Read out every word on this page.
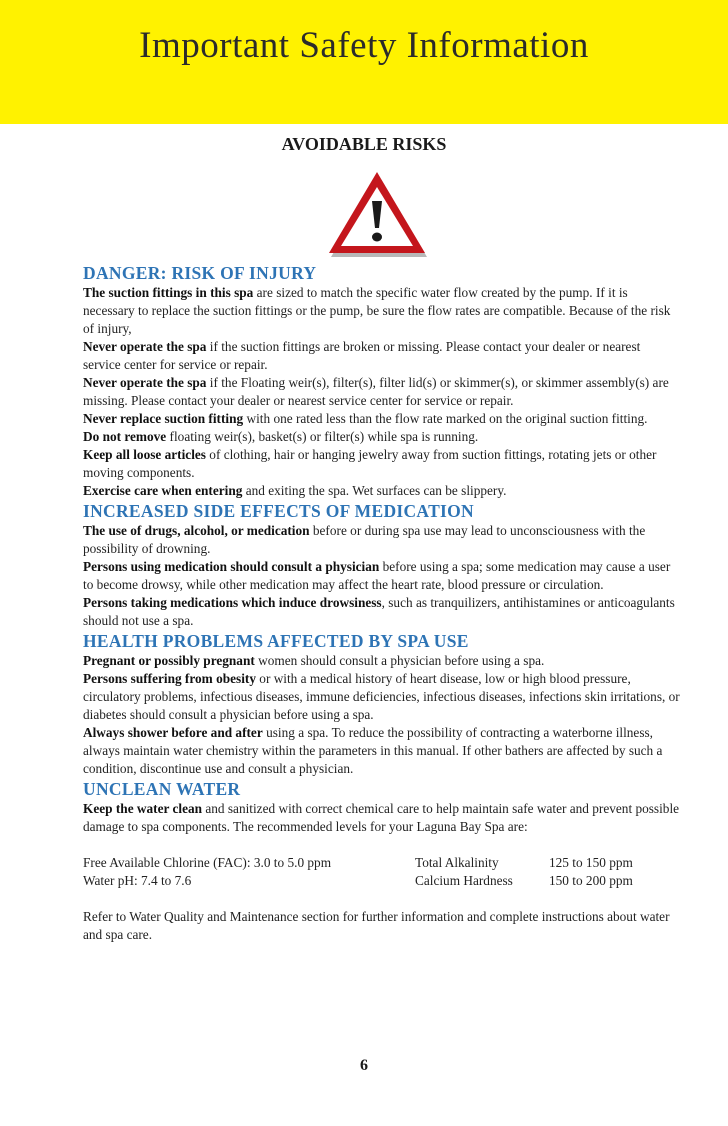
Important Safety Information
AVOIDABLE RISKS
DANGER: RISK OF INJURY

The suction fittings in this spa are sized to match the specific water flow created by the pump. If it is necessary to replace the suction fittings or the pump, be sure the flow rates are compatible. Because of the risk of injury,

Never operate the spa if the suction fittings are broken or missing. Please contact your dealer or nearest service center for service or repair.

Never operate the spa if the Floating weir(s), filter(s), filter lid(s) or skimmer(s), or skimmer assembly(s) are missing. Please contact your dealer or nearest service center for service or repair.

Never replace suction fitting with one rated less than the flow rate marked on the original suction fitting.

Do not remove floating weir(s), basket(s) or filter(s) while spa is running.

Keep all loose articles of clothing, hair or hanging jewelry away from suction fittings, rotating jets or other moving components.

Exercise care when entering and exiting the spa. Wet surfaces can be slippery.

INCREASED SIDE EFFECTS OF MEDICATION

The use of drugs, alcohol, or medication before or during spa use may lead to unconsciousness with the possibility of drowning.

Persons using medication should consult a physician before using a spa; some medication may cause a user to become drowsy, while other medication may affect the heart rate, blood pressure or circulation.

Persons taking medications which induce drowsiness, such as tranquilizers, antihistamines or anticoagulants should not use a spa.

HEALTH PROBLEMS AFFECTED BY SPA USE

Pregnant or possibly pregnant women should consult a physician before using a spa.

Persons suffering from obesity or with a medical history of heart disease, low or high blood pressure, circulatory problems, infectious diseases, immune deficiencies, infectious diseases, infections skin irritations, or diabetes should consult a physician before using a spa.

Always shower before and after using a spa. To reduce the possibility of contracting a waterborne illness, always maintain water chemistry within the parameters in this manual. If other bathers are affected by such a condition, discontinue use and consult a physician.

UNCLEAN WATER

Keep the water clean and sanitized with correct chemical care to help maintain safe water and prevent possible damage to spa components. The recommended levels for your Laguna Bay Spa are:

Free Available Chlorine (FAC): 3.0 to 5.0 ppm	Total Alkalinity	125 to 150 ppm
Water pH: 7.4 to 7.6	Calcium Hardness	150 to 200 ppm

Refer to Water Quality and Maintenance section for further information and complete instructions about water and spa care.

6
